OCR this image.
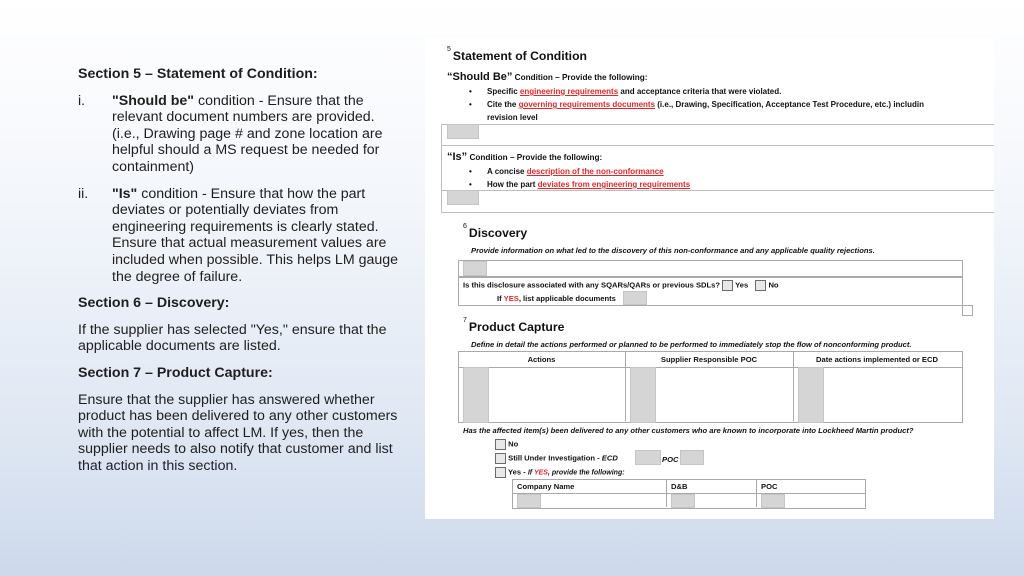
Section 5 – Statement of Condition:
i. "Should be" condition - Ensure that the relevant document numbers are provided. (i.e., Drawing page # and zone location are helpful should a MS request be needed for containment)
ii. "Is" condition - Ensure that how the part deviates or potentially deviates from engineering requirements is clearly stated. Ensure that actual measurement values are included when possible. This helps LM gauge the degree of failure.
Section 6 – Discovery:

If the supplier has selected "Yes," ensure that the applicable documents are listed.

Section 7 – Product Capture:

Ensure that the supplier has answered whether product has been delivered to any other customers with the potential to affect LM. If yes, then the supplier needs to also notify that customer and list that action in this section.

$^5$ Statement of Condition
“Should Be” Condition – Provide the following:
• Specific engineering requirements and acceptance criteria that were violated.
• Cite the governing requirements documents (i.e., Drawing, Specification, Acceptance Test Procedure, etc.) includin
revision level
“Is” Condition – Provide the following:
• A concise description of the non-conformance
• How the part deviates from engineering requirements
$^6$ Discovery
Provide information on what led to the discovery of this non-conformance and any applicable quality rejections.
Is this disclosure associated with any SQARs/QARs or previous SDLs? Yes	No
If YES, list applicable documents
$^7$ Product Capture
Define in detail the actions performed or planned to be performed to immediately stop the flow of nonconforming product.
Actions	Supplier Responsible POC	Date actions implemented or ECD
Has the affected item(s) been delivered to any other customers who are known to incorporate into Lockheed Martin product?
No
Still Under Investigation - ECD	POC
Yes - If YES, provide the following:
Company Name	D&B	POC
